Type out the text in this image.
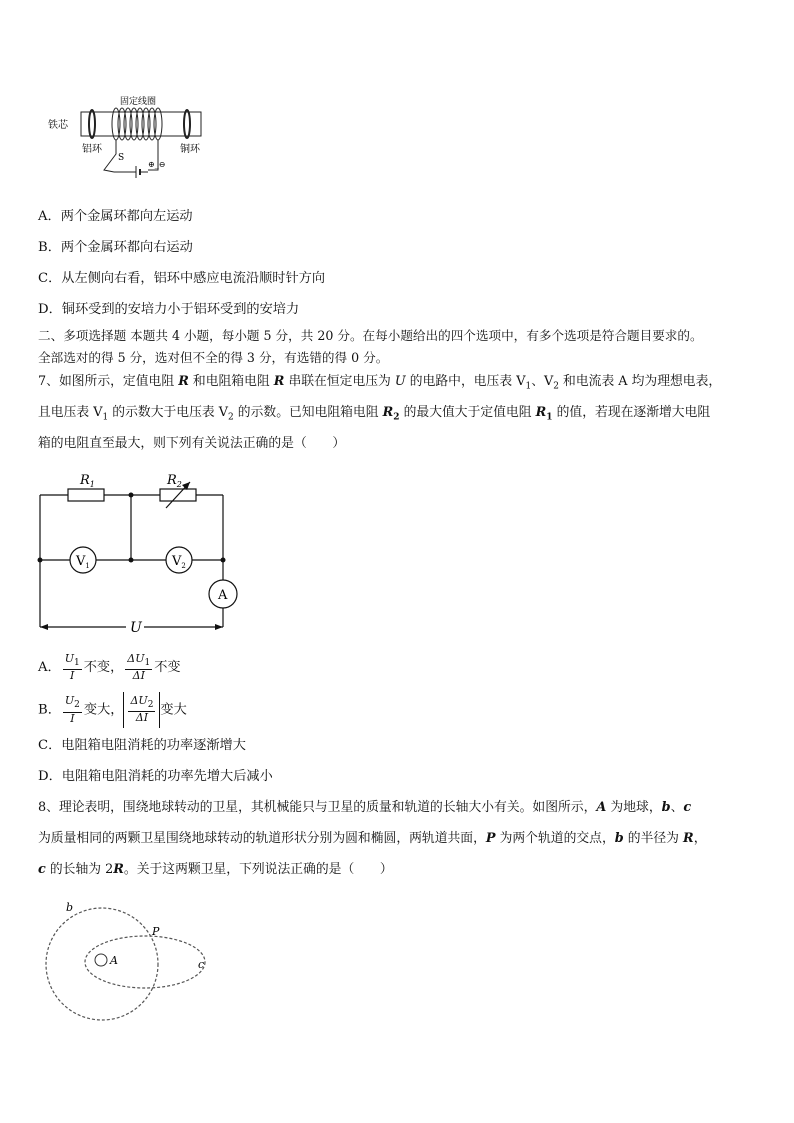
铁芯
固定线圈
铝环	铜环
S
⊕_⊖
A．两个金属环都向左运动
B．两个金属环都向右运动
C．从左侧向右看，铝环中感应电流沿顺时针方向
D．铜环受到的安培力小于铝环受到的安培力
二、多项选择题 本题共 4 小题，每小题 5 分，共 20 分。在每小题给出的四个选项中，有多个选项是符合题目要求的。
全部选对的得 5 分，选对但不全的得 3 分，有选错的得 0 分。
7、如图所示，定值电阻 R 和电阻箱电阻 R 串联在恒定电压为 U 的电路中，电压表 $V_1$、$V_2$ 和电流表 A 均为理想电表，
且电压表 $V_1$ 的示数大于电压表 $V_2$ 的示数。已知电阻箱电阻 $R_2$ 的最大值大于定值电阻 $R_1$ 的值，若现在逐渐增大电阻
箱的电阻直至最大，则下列有关说法正确的是（　　）
$R_1$	$R_2$
$V_1$	$V_2$
A
U
A． $\frac{U_1}{I}$ 不变， $\frac{\Delta U_1}{\Delta I}$ 不变
B． $\frac{U_2}{I}$ 变大， $\frac{\Delta U_2}{\Delta I}$ 变大
C．电阻箱电阻消耗的功率逐渐增大
D．电阻箱电阻消耗的功率先增大后减小
8、理论表明，围绕地球转动的卫星，其机械能只与卫星的质量和轨道的长轴大小有关。如图所示，A 为地球，b、c
为质量相同的两颗卫星围绕地球转动的轨道形状分别为圆和椭圆，两轨道共面，P 为两个轨道的交点，b 的半径为 R，
c 的长轴为 2R。关于这两颗卫星，下列说法正确的是（　　）
b
P
A	c
